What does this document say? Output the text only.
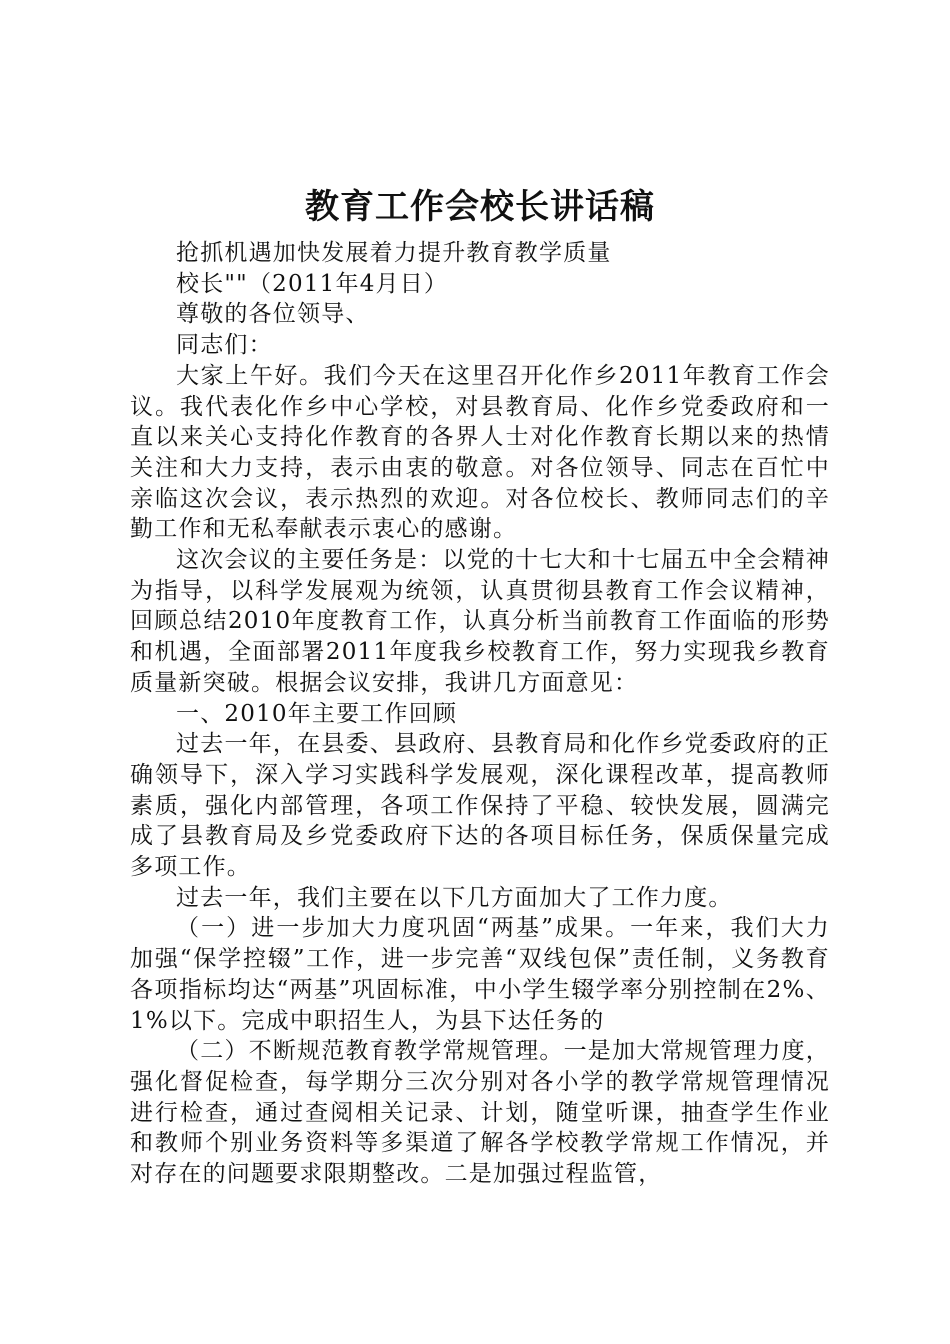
教育工作会校长讲话稿

抢抓机遇加快发展着力提升教育教学质量

校长""（2011年4月日）

尊敬的各位领导、

同志们：

大家上午好。我们今天在这里召开化作乡2011年教育工作会议。我代表化作乡中心学校，对县教育局、化作乡党委政府和一直以来关心支持化作教育的各界人士对化作教育长期以来的热情关注和大力支持，表示由衷的敬意。对各位领导、同志在百忙中亲临这次会议，表示热烈的欢迎。对各位校长、教师同志们的辛勤工作和无私奉献表示衷心的感谢。

这次会议的主要任务是：以党的十七大和十七届五中全会精神为指导，以科学发展观为统领，认真贯彻县教育工作会议精神，回顾总结2010年度教育工作，认真分析当前教育工作面临的形势和机遇，全面部署2011年度我乡校教育工作，努力实现我乡教育质量新突破。根据会议安排，我讲几方面意见：

一、2010年主要工作回顾

过去一年，在县委、县政府、县教育局和化作乡党委政府的正确领导下，深入学习实践科学发展观，深化课程改革，提高教师素质，强化内部管理，各项工作保持了平稳、较快发展，圆满完成了县教育局及乡党委政府下达的各项目标任务，保质保量完成多项工作。

过去一年，我们主要在以下几方面加大了工作力度。

（一）进一步加大力度巩固“两基”成果。一年来，我们大力加强“保学控辍”工作，进一步完善“双线包保”责任制，义务教育各项指标均达“两基”巩固标准，中小学生辍学率分别控制在2%、1%以下。完成中职招生人，为县下达任务的

（二）不断规范教育教学常规管理。一是加大常规管理力度，强化督促检查，每学期分三次分别对各小学的教学常规管理情况进行检查，通过查阅相关记录、计划，随堂听课，抽查学生作业和教师个别业务资料等多渠道了解各学校教学常规工作情况，并对存在的问题要求限期整改。二是加强过程监管，
